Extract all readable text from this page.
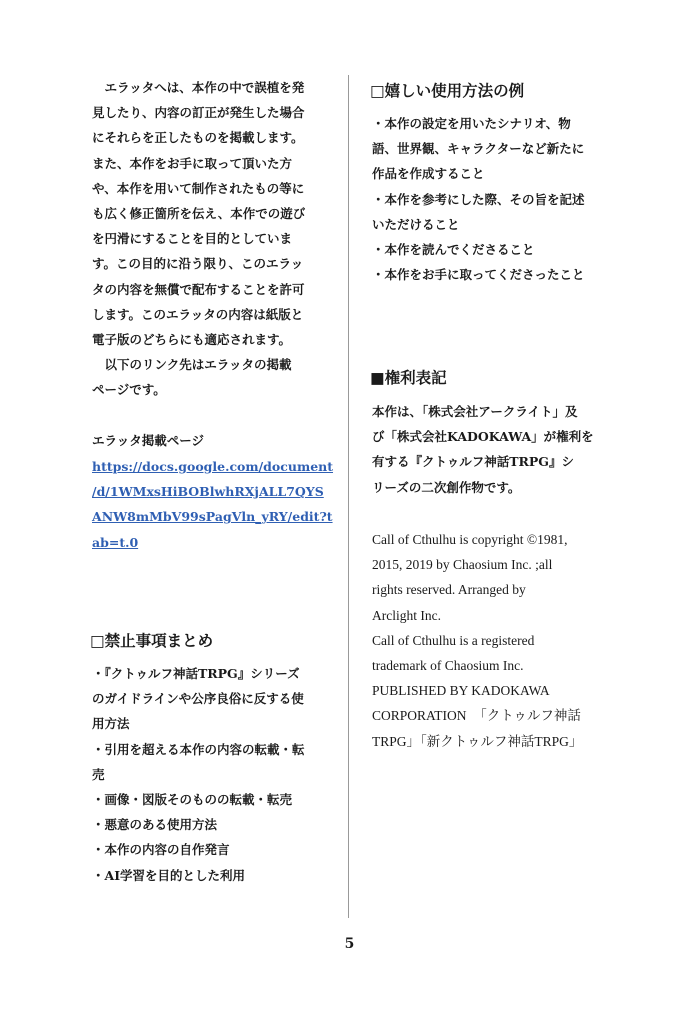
　エラッタへは、本作の中で誤植を発
見したり、内容の訂正が発生した場合
にそれらを正したものを掲載します。
また、本作をお手に取って頂いた方
や、本作を用いて制作されたもの等に
も広く修正箇所を伝え、本作での遊び
を円滑にすることを目的としていま
す。この目的に沿う限り、このエラッ
タの内容を無償で配布することを許可
します。このエラッタの内容は紙版と
電子版のどちらにも適応されます。
　以下のリンク先はエラッタの掲載
ページです。
エラッタ掲載ページ
https://docs.google.com/document
/d/1WMxsHiBOBlwhRXjALL7QYS
ANW8mMbV99sPagVln_yRY/edit?t
ab=t.0
□禁止事項まとめ
・『クトゥルフ神話TRPG』シリーズ
のガイドラインや公序良俗に反する使
用方法
・引用を超える本作の内容の転載・転
売
・画像・図版そのものの転載・転売
・悪意のある使用方法
・本作の内容の自作発言
・AI学習を目的とした利用
□嬉しい使用方法の例
・本作の設定を用いたシナリオ、物
語、世界観、キャラクターなど新たに
作品を作成すること
・本作を参考にした際、その旨を記述
いただけること
・本作を読んでくださること
・本作をお手に取ってくださったこと
■権利表記
本作は、「株式会社アークライト」及
び「株式会社KADOKAWA」が権利を
有する『クトゥルフ神話TRPG』シ
リーズの二次創作物です。
Call of Cthulhu is copyright ©1981,
2015, 2019 by Chaosium Inc. ;all
rights reserved. Arranged by
Arclight Inc.
Call of Cthulhu is a registered
trademark of Chaosium Inc.
PUBLISHED BY KADOKAWA
CORPORATION　「クトゥルフ神話
TRPG」「新クトゥルフ神話TRPG」
5
